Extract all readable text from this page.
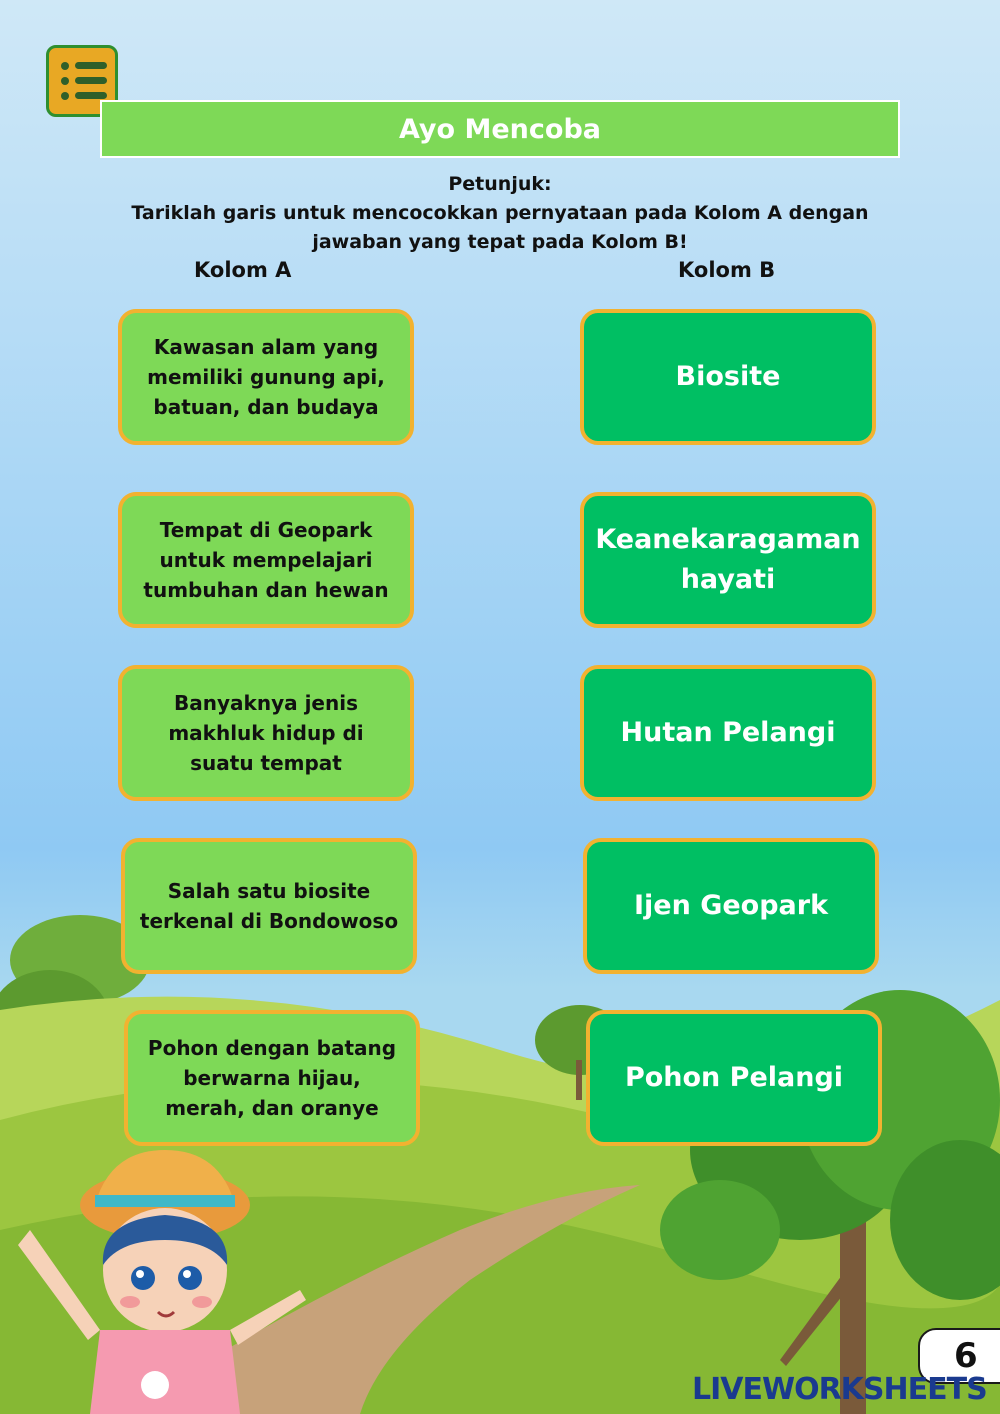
Ayo Mencoba
Petunjuk:
Tariklah garis untuk mencocokkan pernyataan pada Kolom A dengan
jawaban yang tepat pada Kolom B!
Kolom A	Kolom B
Kawasan alam yang memiliki gunung api, batuan, dan budaya
Tempat di Geopark untuk mempelajari tumbuhan dan hewan
Banyaknya jenis makhluk hidup di suatu tempat
Salah satu biosite terkenal di Bondowoso
Pohon dengan batang berwarna hijau, merah, dan oranye
Biosite
Keanekaragaman hayati
Hutan Pelangi
Ijen Geopark
Pohon Pelangi
6
LIVEWORKSHEETS
